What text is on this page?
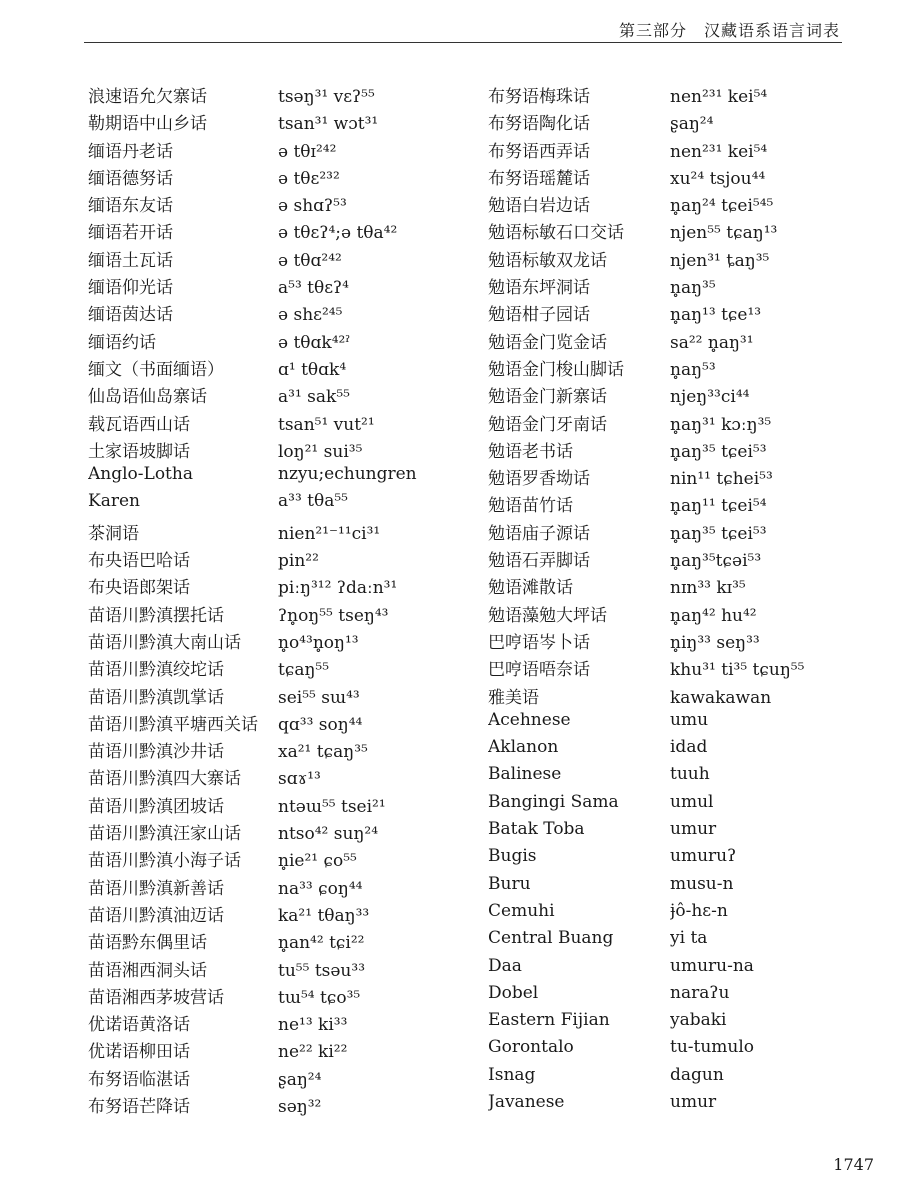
第三部分　汉藏语系语言词表
浪速语允欠寨话	tsəŋ³¹ vɛʔ⁵⁵
勒期语中山乡话	tsan³¹ wɔt³¹
缅语丹老话	ə tθɪ²⁴²
缅语德努话	ə tθɛ²³²
缅语东友话	ə shɑʔ⁵³
缅语若开话	ə tθɛʔ⁴;ə tθa⁴²
缅语土瓦话	ə tθɑ²⁴²
缅语仰光话	a⁵³ tθɛʔ⁴
缅语茵达话	ə shɛ²⁴⁵
缅语约话	ə tθɑk⁴²ˀ
缅文（书面缅语）	ɑ¹ tθɑk⁴
仙岛语仙岛寨话	a³¹ sak⁵⁵
载瓦语西山话	tsan⁵¹ vut²¹
土家语坡脚话	loŋ²¹ sui³⁵
Anglo-Lotha	nzyu;echungren
Karen	a³³ tθa⁵⁵
茶洞语	nien²¹⁻¹¹ci³¹
布央语巴哈话	pin²²
布央语郎架话	piːŋ³¹² ʔdaːn³¹
苗语川黔滇摆托话	ʔn̥oŋ⁵⁵ tseŋ⁴³
苗语川黔滇大南山话	n̥o⁴³n̥oŋ¹³
苗语川黔滇绞坨话	tɕaŋ⁵⁵
苗语川黔滇凯掌话	sei⁵⁵ sɯ⁴³
苗语川黔滇平塘西关话	qɑ³³ soŋ⁴⁴
苗语川黔滇沙井话	xa²¹ tɕaŋ³⁵
苗语川黔滇四大寨话	sɑɤ¹³
苗语川黔滇团坡话	ntəɯ⁵⁵ tsei²¹
苗语川黔滇汪家山话	ntso⁴² suŋ²⁴
苗语川黔滇小海子话	n̥ie²¹ ɕo⁵⁵
苗语川黔滇新善话	na³³ ɕoŋ⁴⁴
苗语川黔滇油迈话	ka²¹ tθaŋ³³
苗语黔东偶里话	n̥an⁴² tɕi²²
苗语湘西洞头话	tu⁵⁵ tsəu³³
苗语湘西茅坡营话	tɯ⁵⁴ tɕo³⁵
优诺语黄洛话	ne¹³ ki³³
优诺语柳田话	ne²² ki²²
布努语临湛话	ʂaŋ²⁴
布努语芒降话	səŋ³²
布努语梅珠话	nen²³¹ kei⁵⁴
布努语陶化话	ʂaŋ²⁴
布努语西弄话	nen²³¹ kei⁵⁴
布努语瑶麓话	xu²⁴ tsjou⁴⁴
勉语白岩边话	n̥aŋ²⁴ tɕei⁵⁴⁵
勉语标敏石口交话	njen⁵⁵ tɕaŋ¹³
勉语标敏双龙话	njen³¹ ȶaŋ³⁵
勉语东坪洞话	n̥aŋ³⁵
勉语柑子园话	n̥aŋ¹³ tɕe¹³
勉语金门览金话	sa²² n̥aŋ³¹
勉语金门梭山脚话	n̥aŋ⁵³
勉语金门新寨话	njeŋ³³ci⁴⁴
勉语金门牙南话	n̥aŋ³¹ kɔːŋ³⁵
勉语老书话	n̥aŋ³⁵ tɕei⁵³
勉语罗香坳话	nin¹¹ tɕhei⁵³
勉语苗竹话	n̥aŋ¹¹ tɕei⁵⁴
勉语庙子源话	n̥aŋ³⁵ tɕei⁵³
勉语石弄脚话	n̥aŋ³⁵tɕəi⁵³
勉语滩散话	nɪn³³ kɪ³⁵
勉语藻勉大坪话	n̥aŋ⁴² hu⁴²
巴哼语岑卜话	n̥iŋ³³ seŋ³³
巴哼语唔奈话	khu³¹ ti³⁵ tɕuŋ⁵⁵
雅美语	kawakawan
Acehnese	umu
Aklanon	idad
Balinese	tuuh
Bangingi Sama	umul
Batak Toba	umur
Bugis	umuruʔ
Buru	musu-n
Cemuhi	ɉô-hɛ-n
Central Buang	yi ta
Daa	umuru-na
Dobel	naraʔu
Eastern Fijian	yabaki
Gorontalo	tu-tumulo
Isnag	dagun
Javanese	umur
1747
